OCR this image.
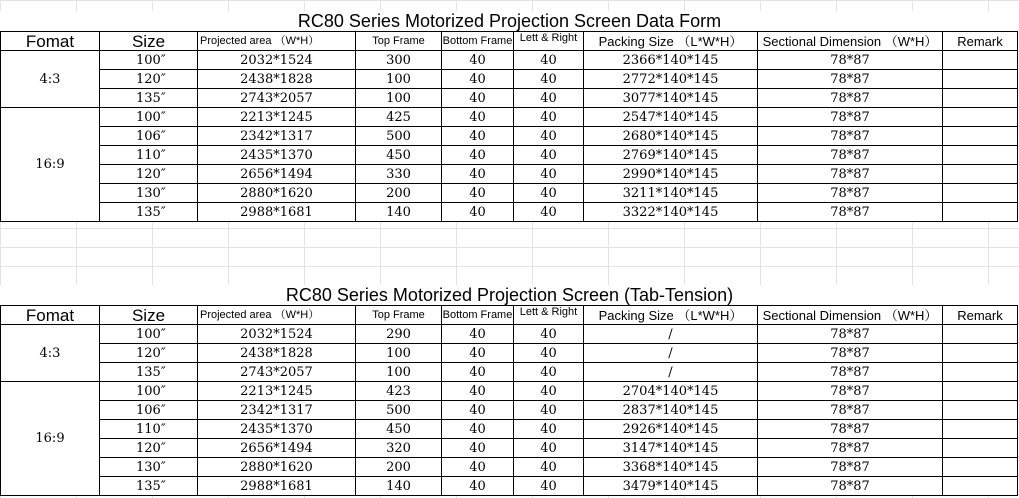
RC80 Series Motorized Projection Screen Data Form
Fomat	Size	Projected area （W*H）	Top Frame	Bottom Frame	Lett & Right	Packing Size （L*W*H）	Sectional Dimension （W*H）	Remark
4:3	100″	2032*1524	300	40	40	2366*140*145	78*87	
	120″	2438*1828	100	40	40	2772*140*145	78*87	
	135″	2743*2057	100	40	40	3077*140*145	78*87	
16:9	100″	2213*1245	425	40	40	2547*140*145	78*87	
	106″	2342*1317	500	40	40	2680*140*145	78*87	
	110″	2435*1370	450	40	40	2769*140*145	78*87	
	120″	2656*1494	330	40	40	2990*140*145	78*87	
	130″	2880*1620	200	40	40	3211*140*145	78*87	
	135″	2988*1681	140	40	40	3322*140*145	78*87	
RC80 Series Motorized Projection Screen (Tab-Tension)
Fomat	Size	Projected area （W*H）	Top Frame	Bottom Frame	Lett & Right	Packing Size （L*W*H）	Sectional Dimension （W*H）	Remark
4:3	100″	2032*1524	290	40	40	/	78*87	
	120″	2438*1828	100	40	40	/	78*87	
	135″	2743*2057	100	40	40	/	78*87	
16:9	100″	2213*1245	423	40	40	2704*140*145	78*87	
	106″	2342*1317	500	40	40	2837*140*145	78*87	
	110″	2435*1370	450	40	40	2926*140*145	78*87	
	120″	2656*1494	320	40	40	3147*140*145	78*87	
	130″	2880*1620	200	40	40	3368*140*145	78*87	
	135″	2988*1681	140	40	40	3479*140*145	78*87	
